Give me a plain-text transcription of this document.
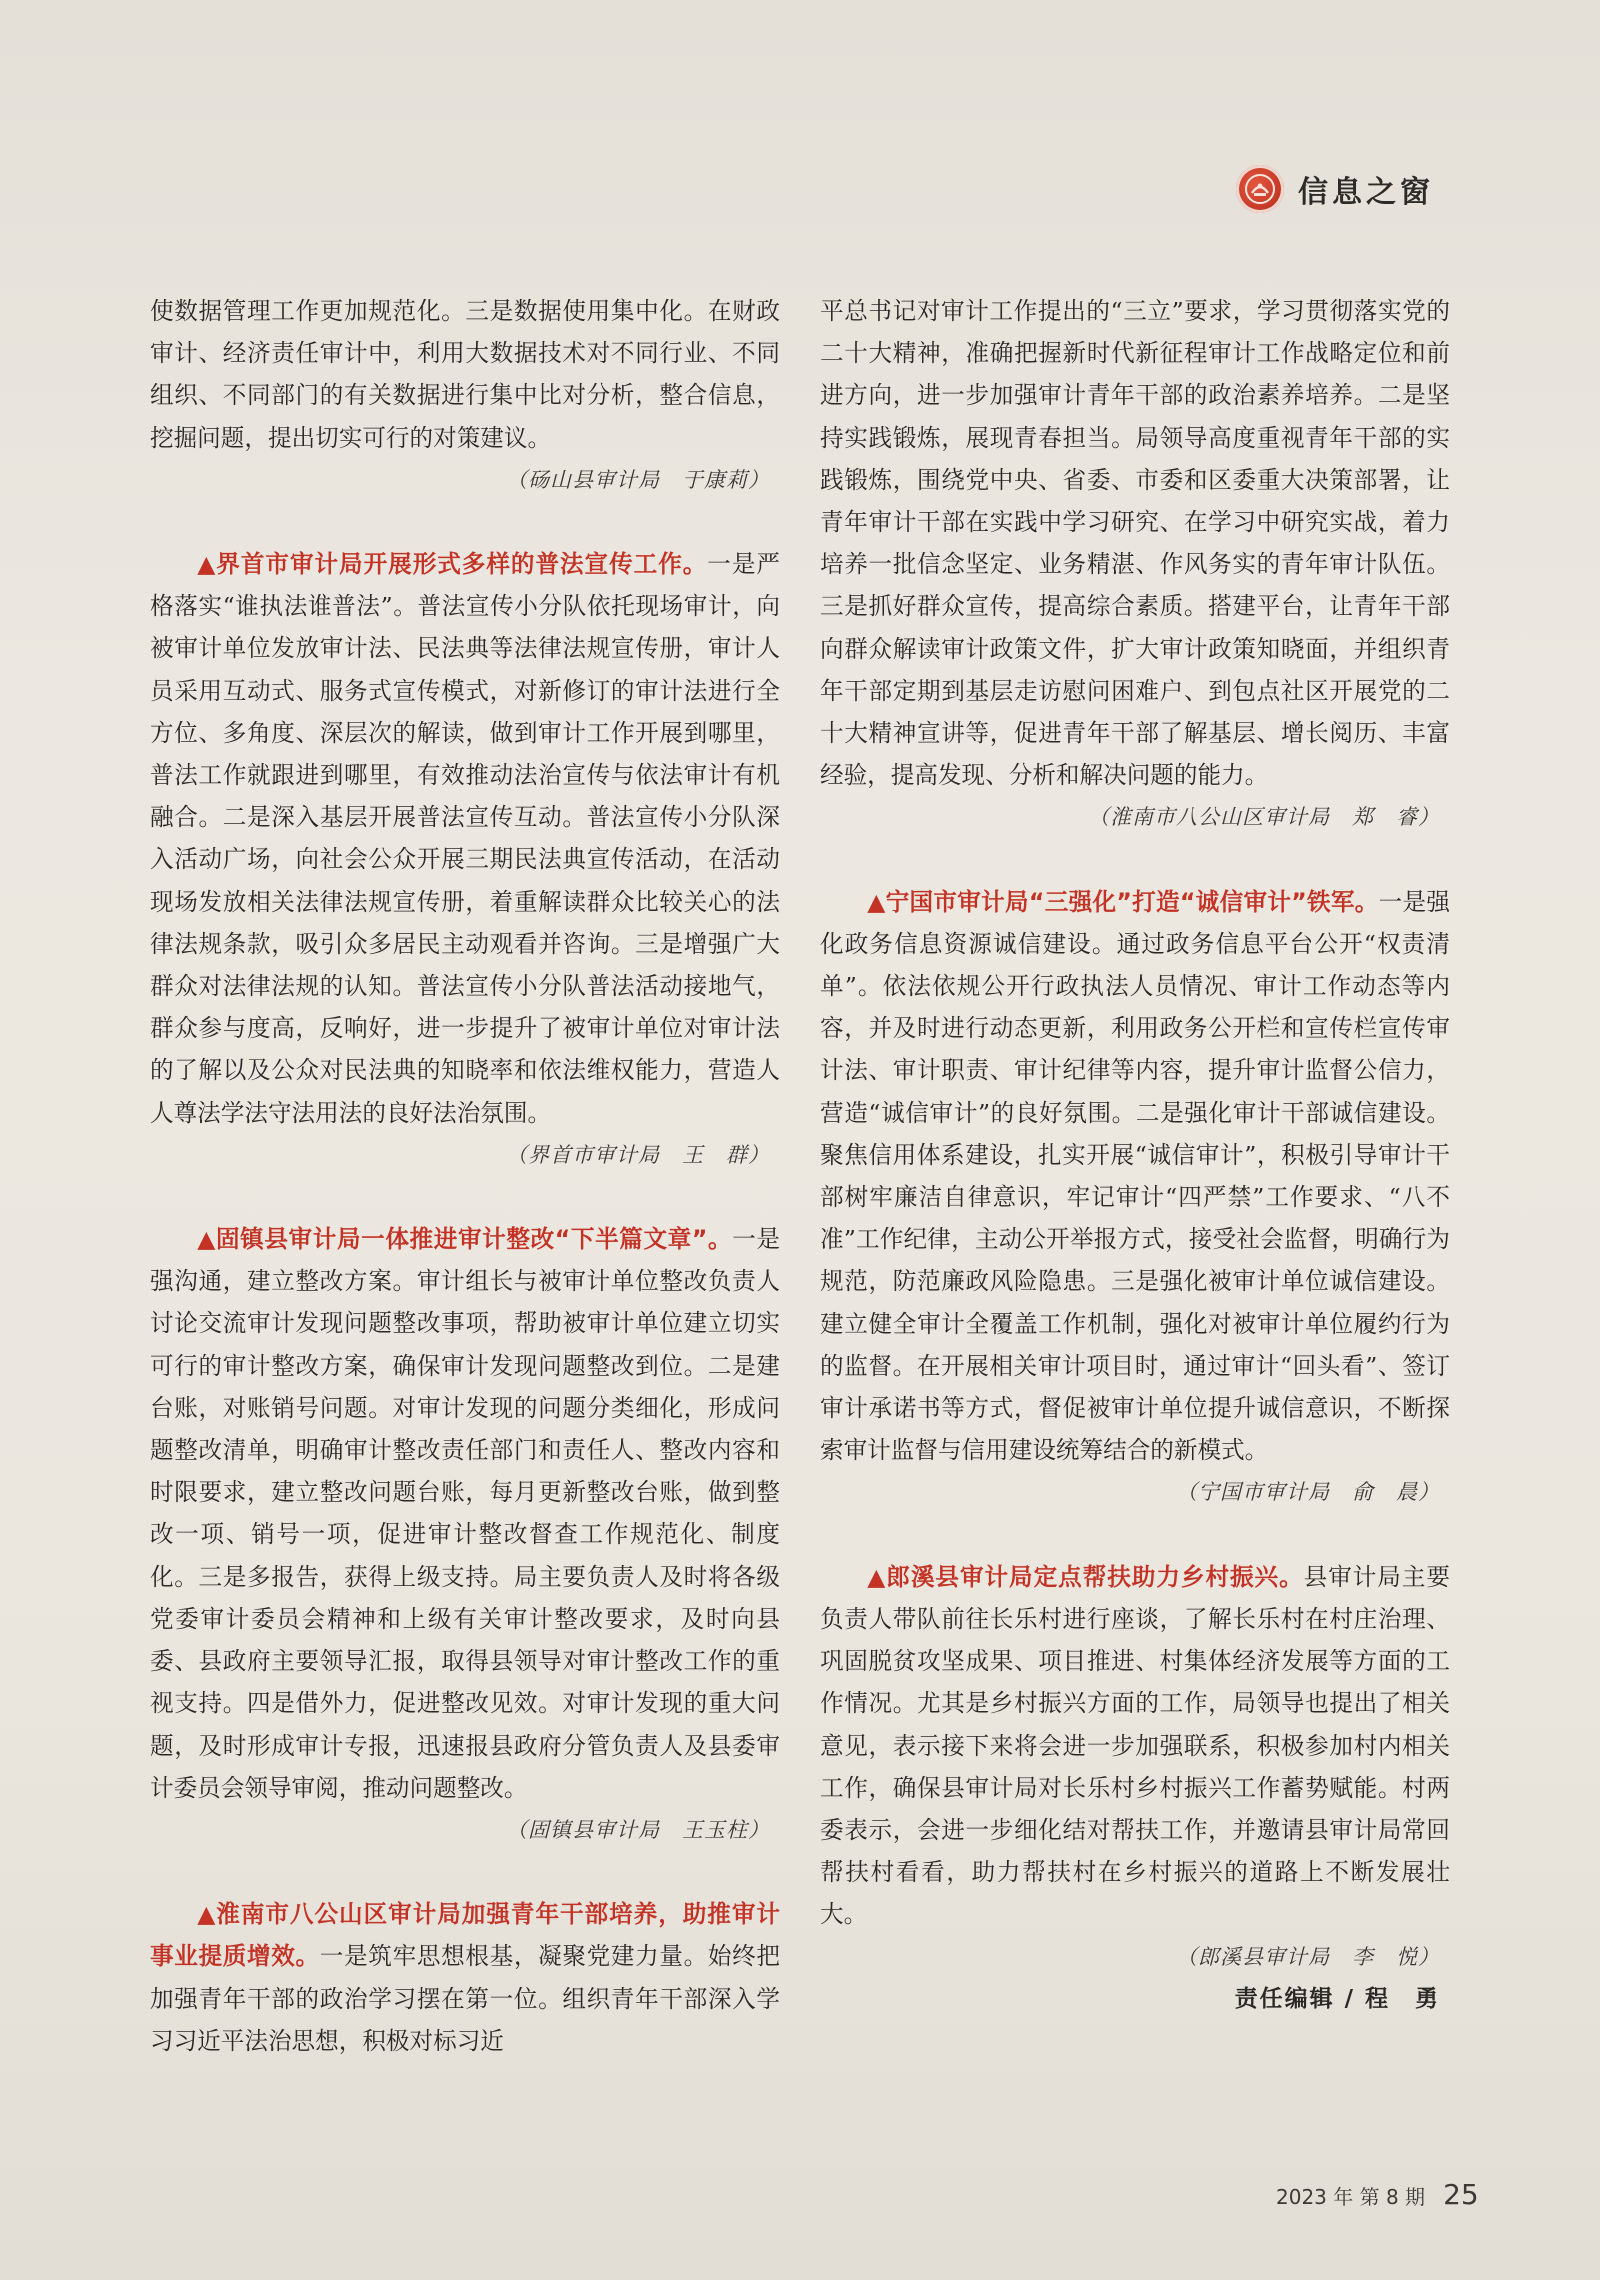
信息之窗

使数据管理工作更加规范化。三是数据使用集中化。在财政审计、经济责任审计中，利用大数据技术对不同行业、不同组织、不同部门的有关数据进行集中比对分析，整合信息，挖掘问题，提出切实可行的对策建议。

（砀山县审计局　于康莉）

▲界首市审计局开展形式多样的普法宣传工作。一是严格落实“谁执法谁普法”。普法宣传小分队依托现场审计，向被审计单位发放审计法、民法典等法律法规宣传册，审计人员采用互动式、服务式宣传模式，对新修订的审计法进行全方位、多角度、深层次的解读，做到审计工作开展到哪里，普法工作就跟进到哪里，有效推动法治宣传与依法审计有机融合。二是深入基层开展普法宣传互动。普法宣传小分队深入活动广场，向社会公众开展三期民法典宣传活动，在活动现场发放相关法律法规宣传册，着重解读群众比较关心的法律法规条款，吸引众多居民主动观看并咨询。三是增强广大群众对法律法规的认知。普法宣传小分队普法活动接地气，群众参与度高，反响好，进一步提升了被审计单位对审计法的了解以及公众对民法典的知晓率和依法维权能力，营造人人尊法学法守法用法的良好法治氛围。

（界首市审计局　王　群）

▲固镇县审计局一体推进审计整改“下半篇文章”。一是强沟通，建立整改方案。审计组长与被审计单位整改负责人讨论交流审计发现问题整改事项，帮助被审计单位建立切实可行的审计整改方案，确保审计发现问题整改到位。二是建台账，对账销号问题。对审计发现的问题分类细化，形成问题整改清单，明确审计整改责任部门和责任人、整改内容和时限要求，建立整改问题台账，每月更新整改台账，做到整改一项、销号一项，促进审计整改督查工作规范化、制度化。三是多报告，获得上级支持。局主要负责人及时将各级党委审计委员会精神和上级有关审计整改要求，及时向县委、县政府主要领导汇报，取得县领导对审计整改工作的重视支持。四是借外力，促进整改见效。对审计发现的重大问题，及时形成审计专报，迅速报县政府分管负责人及县委审计委员会领导审阅，推动问题整改。

（固镇县审计局　王玉柱）

▲淮南市八公山区审计局加强青年干部培养，助推审计事业提质增效。一是筑牢思想根基，凝聚党建力量。始终把加强青年干部的政治学习摆在第一位。组织青年干部深入学习习近平法治思想，积极对标习近

平总书记对审计工作提出的“三立”要求，学习贯彻落实党的二十大精神，准确把握新时代新征程审计工作战略定位和前进方向，进一步加强审计青年干部的政治素养培养。二是坚持实践锻炼，展现青春担当。局领导高度重视青年干部的实践锻炼，围绕党中央、省委、市委和区委重大决策部署，让青年审计干部在实践中学习研究、在学习中研究实战，着力培养一批信念坚定、业务精湛、作风务实的青年审计队伍。三是抓好群众宣传，提高综合素质。搭建平台，让青年干部向群众解读审计政策文件，扩大审计政策知晓面，并组织青年干部定期到基层走访慰问困难户、到包点社区开展党的二十大精神宣讲等，促进青年干部了解基层、增长阅历、丰富经验，提高发现、分析和解决问题的能力。

（淮南市八公山区审计局　郑　睿）

▲宁国市审计局“三强化”打造“诚信审计”铁军。一是强化政务信息资源诚信建设。通过政务信息平台公开“权责清单”。依法依规公开行政执法人员情况、审计工作动态等内容，并及时进行动态更新，利用政务公开栏和宣传栏宣传审计法、审计职责、审计纪律等内容，提升审计监督公信力，营造“诚信审计”的良好氛围。二是强化审计干部诚信建设。聚焦信用体系建设，扎实开展“诚信审计”，积极引导审计干部树牢廉洁自律意识，牢记审计“四严禁”工作要求、“八不准”工作纪律，主动公开举报方式，接受社会监督，明确行为规范，防范廉政风险隐患。三是强化被审计单位诚信建设。建立健全审计全覆盖工作机制，强化对被审计单位履约行为的监督。在开展相关审计项目时，通过审计“回头看”、签订审计承诺书等方式，督促被审计单位提升诚信意识，不断探索审计监督与信用建设统筹结合的新模式。

（宁国市审计局　俞　晨）

▲郎溪县审计局定点帮扶助力乡村振兴。县审计局主要负责人带队前往长乐村进行座谈，了解长乐村在村庄治理、巩固脱贫攻坚成果、项目推进、村集体经济发展等方面的工作情况。尤其是乡村振兴方面的工作，局领导也提出了相关意见，表示接下来将会进一步加强联系，积极参加村内相关工作，确保县审计局对长乐村乡村振兴工作蓄势赋能。村两委表示，会进一步细化结对帮扶工作，并邀请县审计局常回帮扶村看看，助力帮扶村在乡村振兴的道路上不断发展壮大。

（郎溪县审计局　李　悦）

责任编辑 / 程　勇

2023 年 第 8 期 25
